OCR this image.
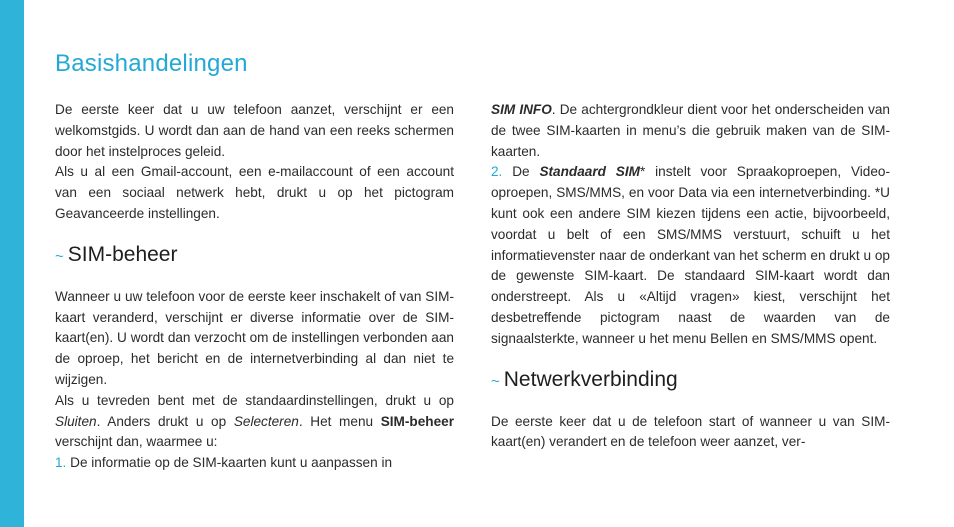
Basishandelingen

De eerste keer dat u uw telefoon aanzet, verschijnt er een welkomstgids. U wordt dan aan de hand van een reeks schermen door het instelproces geleid.

Als u al een Gmail-account, een e-mailaccount of een account van een sociaal netwerk hebt, drukt u op het pictogram Geavanceerde instellingen.

~ SIM-beheer

Wanneer u uw telefoon voor de eerste keer inschakelt of van SIM-kaart veranderd, verschijnt er diverse informatie over de SIM-kaart(en). U wordt dan verzocht om de instellingen verbonden aan de oproep, het bericht en de internetverbinding al dan niet te wijzigen.

Als u tevreden bent met de standaardinstellingen, drukt u op Sluiten. Anders drukt u op Selecteren. Het menu SIM-beheer verschijnt dan, waarmee u:

1. De informatie op de SIM-kaarten kunt u aanpassen in

SIM INFO. De achtergrondkleur dient voor het onderscheiden van de twee SIM-kaarten in menu’s die gebruik maken van de SIM-kaarten.

2. De Standaard SIM* instelt voor Spraakoproepen, Video-oproepen, SMS/MMS, en voor Data via een internetverbinding. *U kunt ook een andere SIM kiezen tijdens een actie, bijvoorbeeld, voordat u belt of een SMS/MMS verstuurt, schuift u het informatievenster naar de onderkant van het scherm en drukt u op de gewenste SIM-kaart. De standaard SIM-kaart wordt dan onderstreept. Als u «Altijd vragen» kiest, verschijnt het desbetreffende pictogram naast de waarden van de signaalsterkte, wanneer u het menu Bellen en SMS/MMS opent.

~ Netwerkverbinding

De eerste keer dat u de telefoon start of wanneer u van SIM-kaart(en) verandert en de telefoon weer aanzet, ver-
